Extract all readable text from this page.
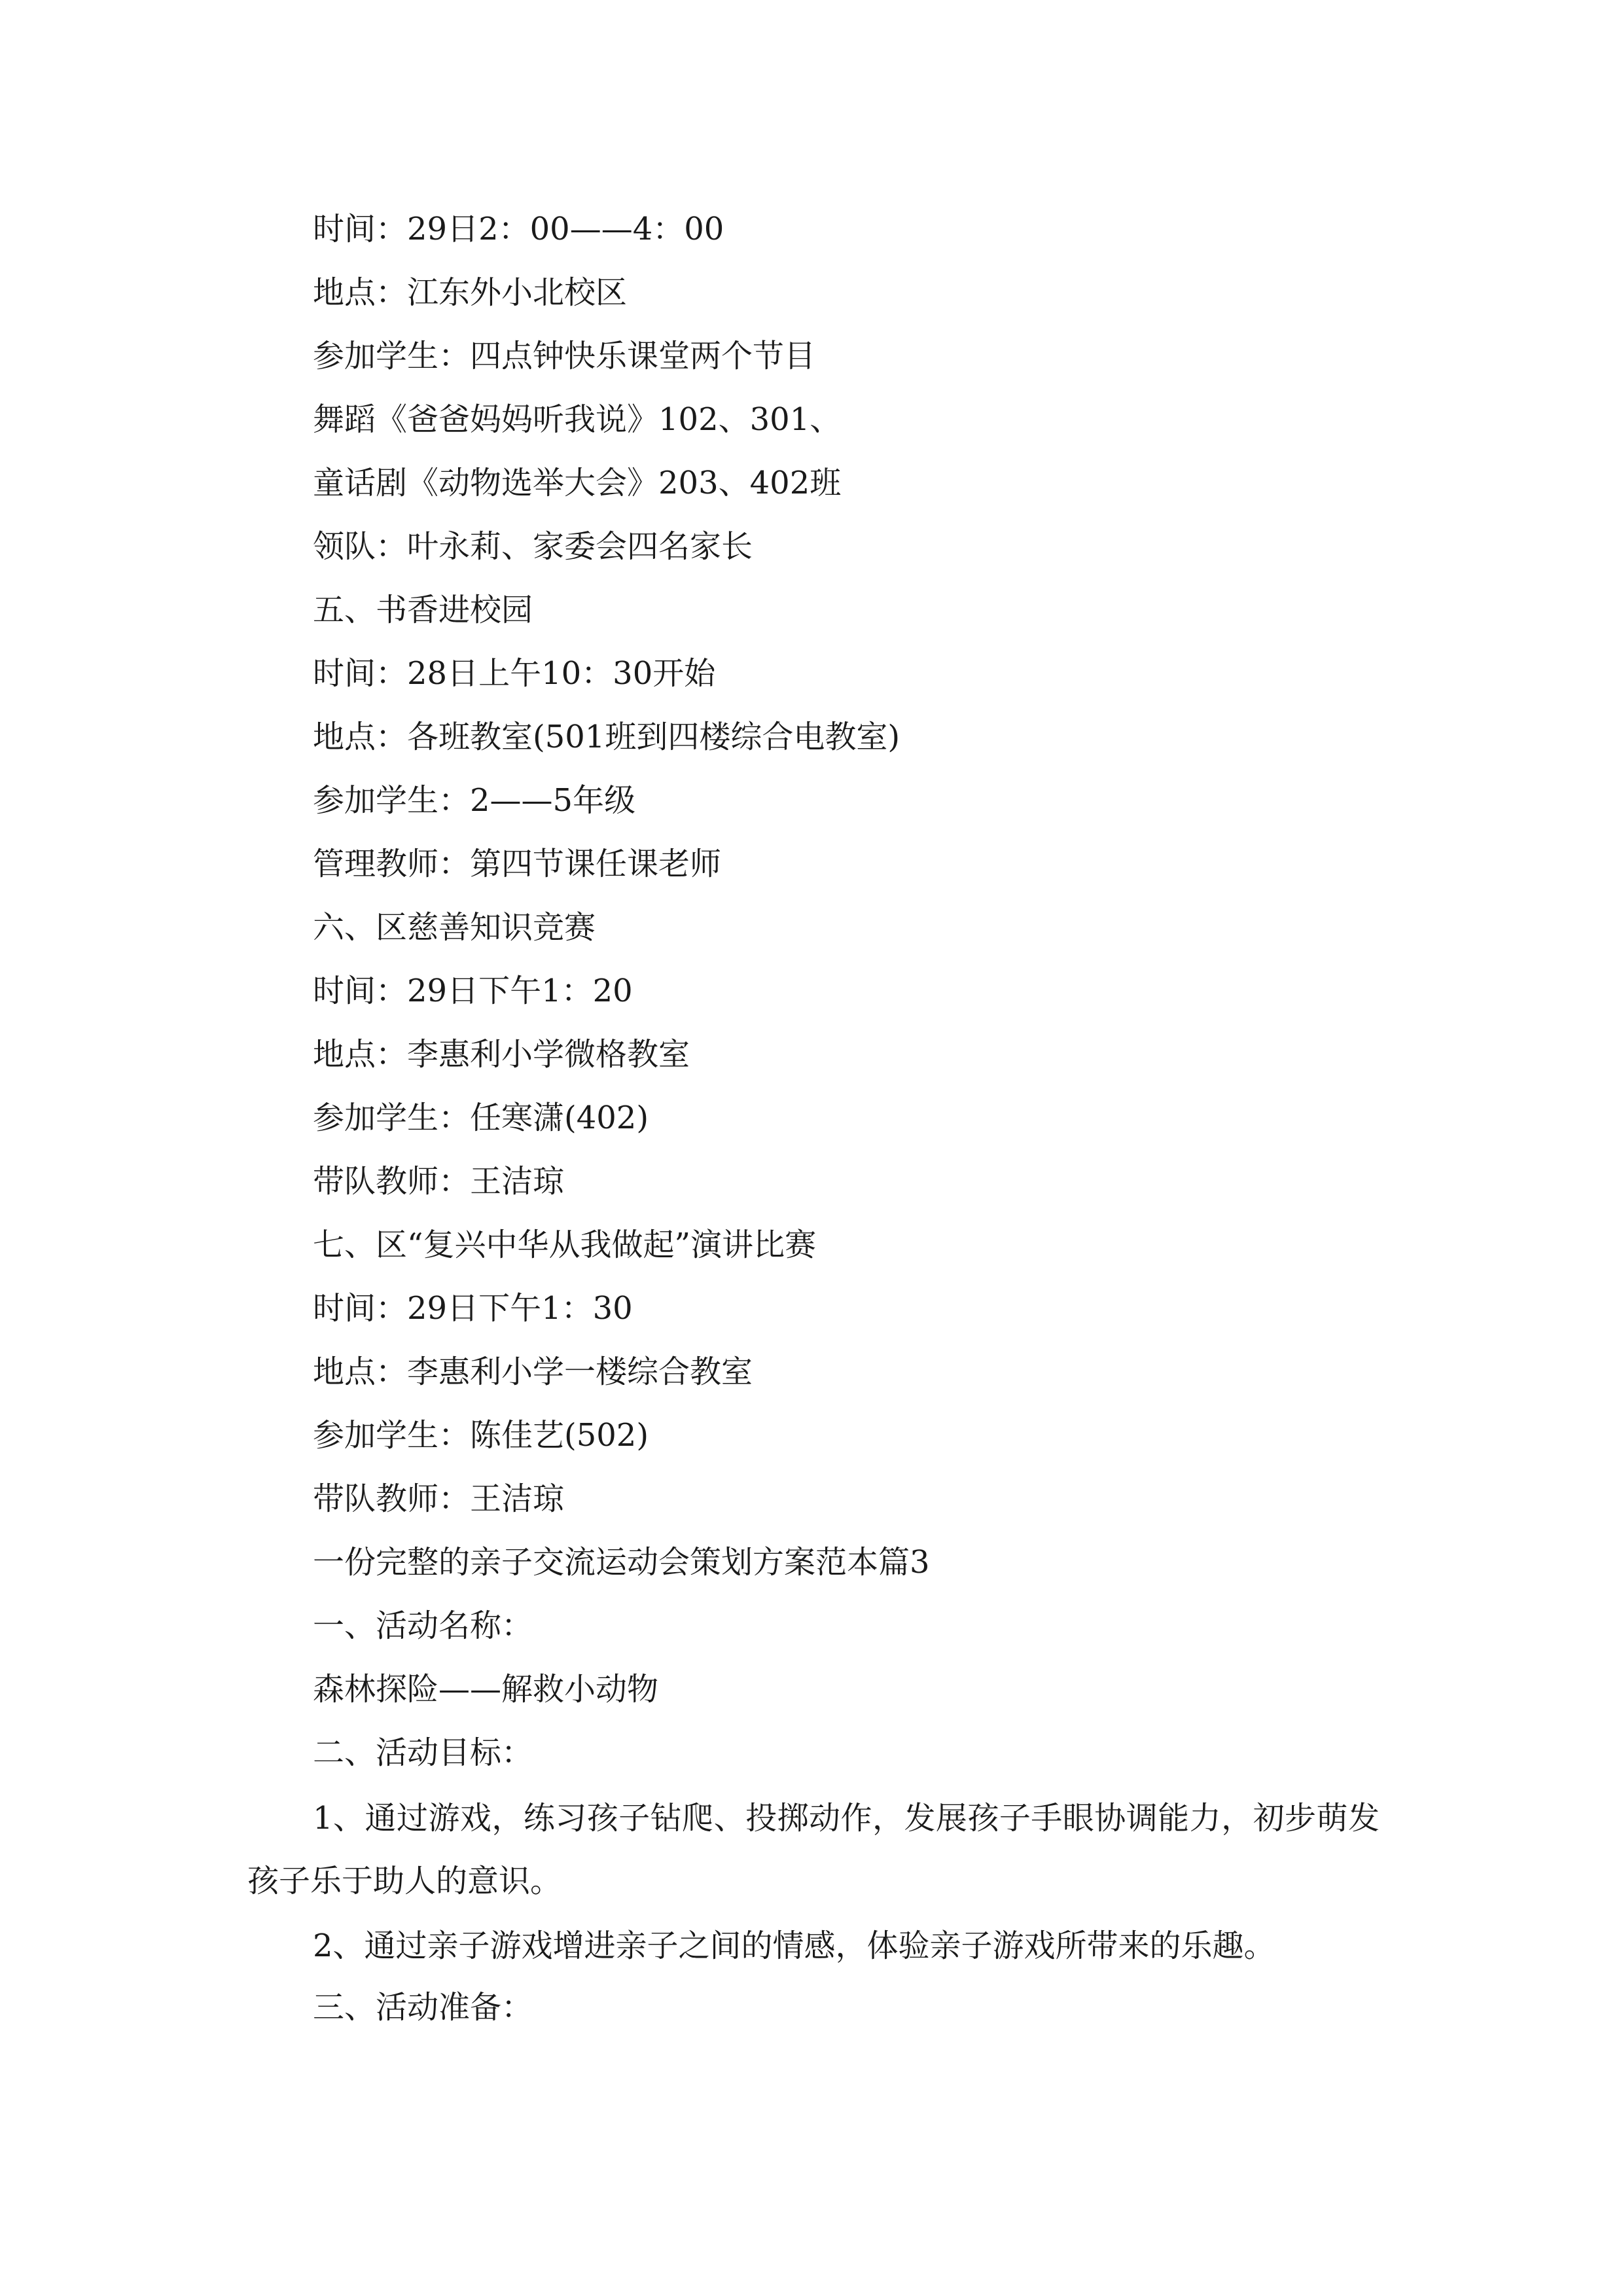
时间：29日2：00——4：00
地点：江东外小北校区
参加学生：四点钟快乐课堂两个节目
舞蹈《爸爸妈妈听我说》102、301、
童话剧《动物选举大会》203、402班
领队：叶永莉、家委会四名家长
五、书香进校园
时间：28日上午10：30开始
地点：各班教室(501班到四楼综合电教室)
参加学生：2——5年级
管理教师：第四节课任课老师
六、区慈善知识竞赛
时间：29日下午1：20
地点：李惠利小学微格教室
参加学生：任寒潇(402)
带队教师：王洁琼
七、区“复兴中华从我做起”演讲比赛
时间：29日下午1：30
地点：李惠利小学一楼综合教室
参加学生：陈佳艺(502)
带队教师：王洁琼
一份完整的亲子交流运动会策划方案范本篇3
一、活动名称：
森林探险——解救小动物
二、活动目标：
1、通过游戏，练习孩子钻爬、投掷动作，发展孩子手眼协调能力，初步萌发孩子乐于助人的意识。
2、通过亲子游戏增进亲子之间的情感，体验亲子游戏所带来的乐趣。
三、活动准备：
